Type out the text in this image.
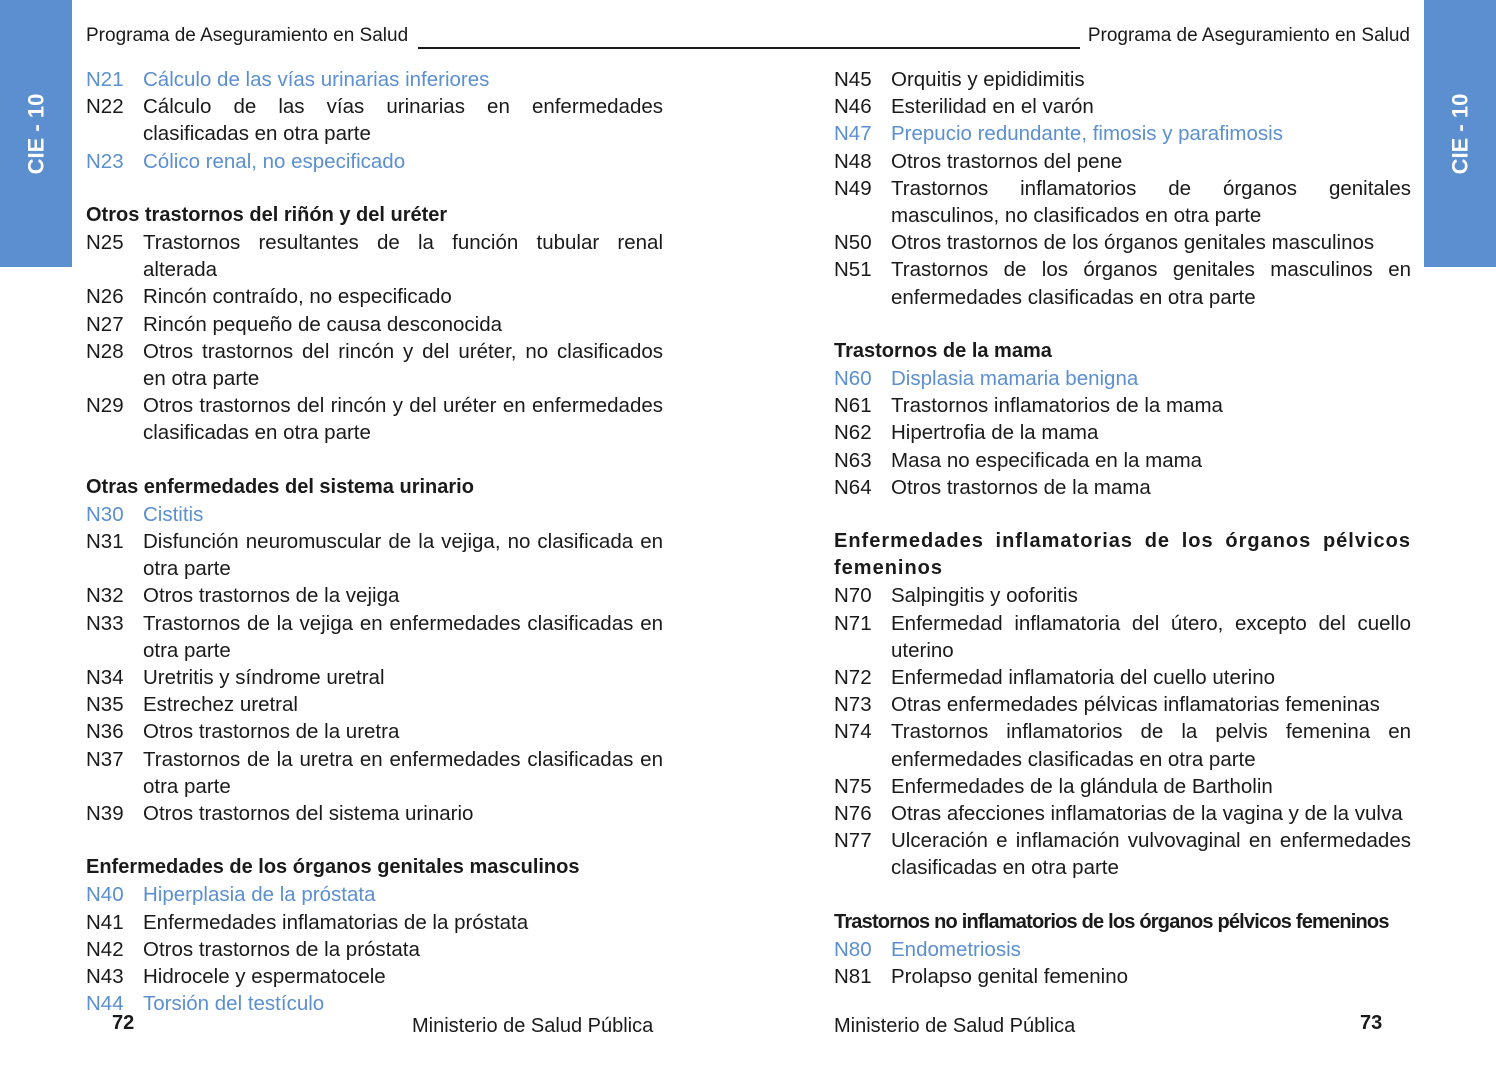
CIE - 10	CIE - 10
Programa de Aseguramiento en Salud	Programa de Aseguramiento en Salud
N21 Cálculo de las vías urinarias inferiores
N22 Cálculo de las vías urinarias en enfermedades clasificadas en otra parte
N23 Cólico renal, no especificado
Otros trastornos del riñón y del uréter
N25 Trastornos resultantes de la función tubular renal alterada
N26 Rincón contraído, no especificado
N27 Rincón pequeño de causa desconocida
N28 Otros trastornos del rincón y del uréter, no clasificados en otra parte
N29 Otros trastornos del rincón y del uréter en enfermedades clasificadas en otra parte
Otras enfermedades del sistema urinario
N30 Cistitis
N31 Disfunción neuromuscular de la vejiga, no clasificada en otra parte
N32 Otros trastornos de la vejiga
N33 Trastornos de la vejiga en enfermedades clasificadas en otra parte
N34 Uretritis y síndrome uretral
N35 Estrechez uretral
N36 Otros trastornos de la uretra
N37 Trastornos de la uretra en enfermedades clasificadas en otra parte
N39 Otros trastornos del sistema urinario
Enfermedades de los órganos genitales masculinos
N40 Hiperplasia de la próstata
N41 Enfermedades inflamatorias de la próstata
N42 Otros trastornos de la próstata
N43 Hidrocele y espermatocele
N44 Torsión del testículo
N45 Orquitis y epididimitis
N46 Esterilidad en el varón
N47 Prepucio redundante, fimosis y parafimosis
N48 Otros trastornos del pene
N49 Trastornos inflamatorios de órganos genitales masculinos, no clasificados en otra parte
N50 Otros trastornos de los órganos genitales masculinos
N51 Trastornos de los órganos genitales masculinos en enfermedades clasificadas en otra parte
Trastornos de la mama
N60 Displasia mamaria benigna
N61 Trastornos inflamatorios de la mama
N62 Hipertrofia de la mama
N63 Masa no especificada en la mama
N64 Otros trastornos de la mama
Enfermedades inflamatorias de los órganos pélvicos femeninos
N70 Salpingitis y ooforitis
N71 Enfermedad inflamatoria del útero, excepto del cuello uterino
N72 Enfermedad inflamatoria del cuello uterino
N73 Otras enfermedades pélvicas inflamatorias femeninas
N74 Trastornos inflamatorios de la pelvis femenina en enfermedades clasificadas en otra parte
N75 Enfermedades de la glándula de Bartholin
N76 Otras afecciones inflamatorias de la vagina y de la vulva
N77 Ulceración e inflamación vulvovaginal en enfermedades clasificadas en otra parte
Trastornos no inflamatorios de los órganos pélvicos femeninos
N80 Endometriosis
N81 Prolapso genital femenino
72	Ministerio de Salud Pública	Ministerio de Salud Pública	73
